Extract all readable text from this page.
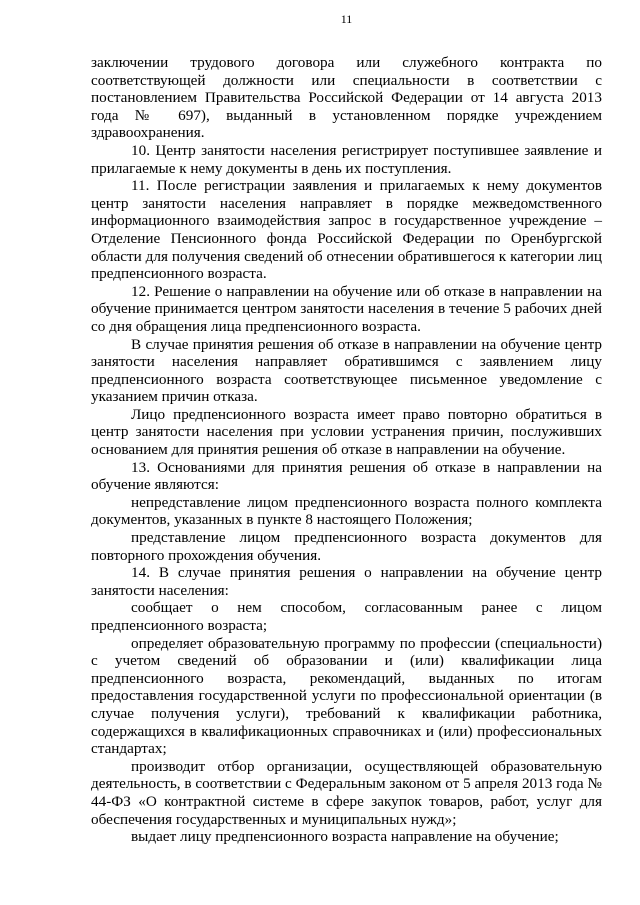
11

заключении трудового договора или служебного контракта по соответствующей должности или специальности в соответствии с постановлением Правительства Российской Федерации от 14 августа 2013 года № 697), выданный в установленном порядке учреждением здравоохранения.

10. Центр занятости населения регистрирует поступившее заявление и прилагаемые к нему документы в день их поступления.

11. После регистрации заявления и прилагаемых к нему документов центр занятости населения направляет в порядке межведомственного информационного взаимодействия запрос в государственное учреждение – Отделение Пенсионного фонда Российской Федерации по Оренбургской области для получения сведений об отнесении обратившегося к категории лиц предпенсионного возраста.

12. Решение о направлении на обучение или об отказе в направлении на обучение принимается центром занятости населения в течение 5 рабочих дней со дня обращения лица предпенсионного возраста.

В случае принятия решения об отказе в направлении на обучение центр занятости населения направляет обратившимся с заявлением лицу предпенсионного возраста соответствующее письменное уведомление с указанием причин отказа.

Лицо предпенсионного возраста имеет право повторно обратиться в центр занятости населения при условии устранения причин, послуживших основанием для принятия решения об отказе в направлении на обучение.

13. Основаниями для принятия решения об отказе в направлении на обучение являются:

непредставление лицом предпенсионного возраста полного комплекта документов, указанных в пункте 8 настоящего Положения;

представление лицом предпенсионного возраста документов для повторного прохождения обучения.

14. В случае принятия решения о направлении на обучение центр занятости населения:

сообщает о нем способом, согласованным ранее с лицом предпенсионного возраста;

определяет образовательную программу по профессии (специальности) с учетом сведений об образовании и (или) квалификации лица предпенсионного возраста, рекомендаций, выданных по итогам предоставления государственной услуги по профессиональной ориентации (в случае получения услуги), требований к квалификации работника, содержащихся в квалификационных справочниках и (или) профессиональных стандартах;

производит отбор организации, осуществляющей образовательную деятельность, в соответствии с Федеральным законом от 5 апреля 2013 года № 44-ФЗ «О контрактной системе в сфере закупок товаров, работ, услуг для обеспечения государственных и муниципальных нужд»;

выдает лицу предпенсионного возраста направление на обучение;
